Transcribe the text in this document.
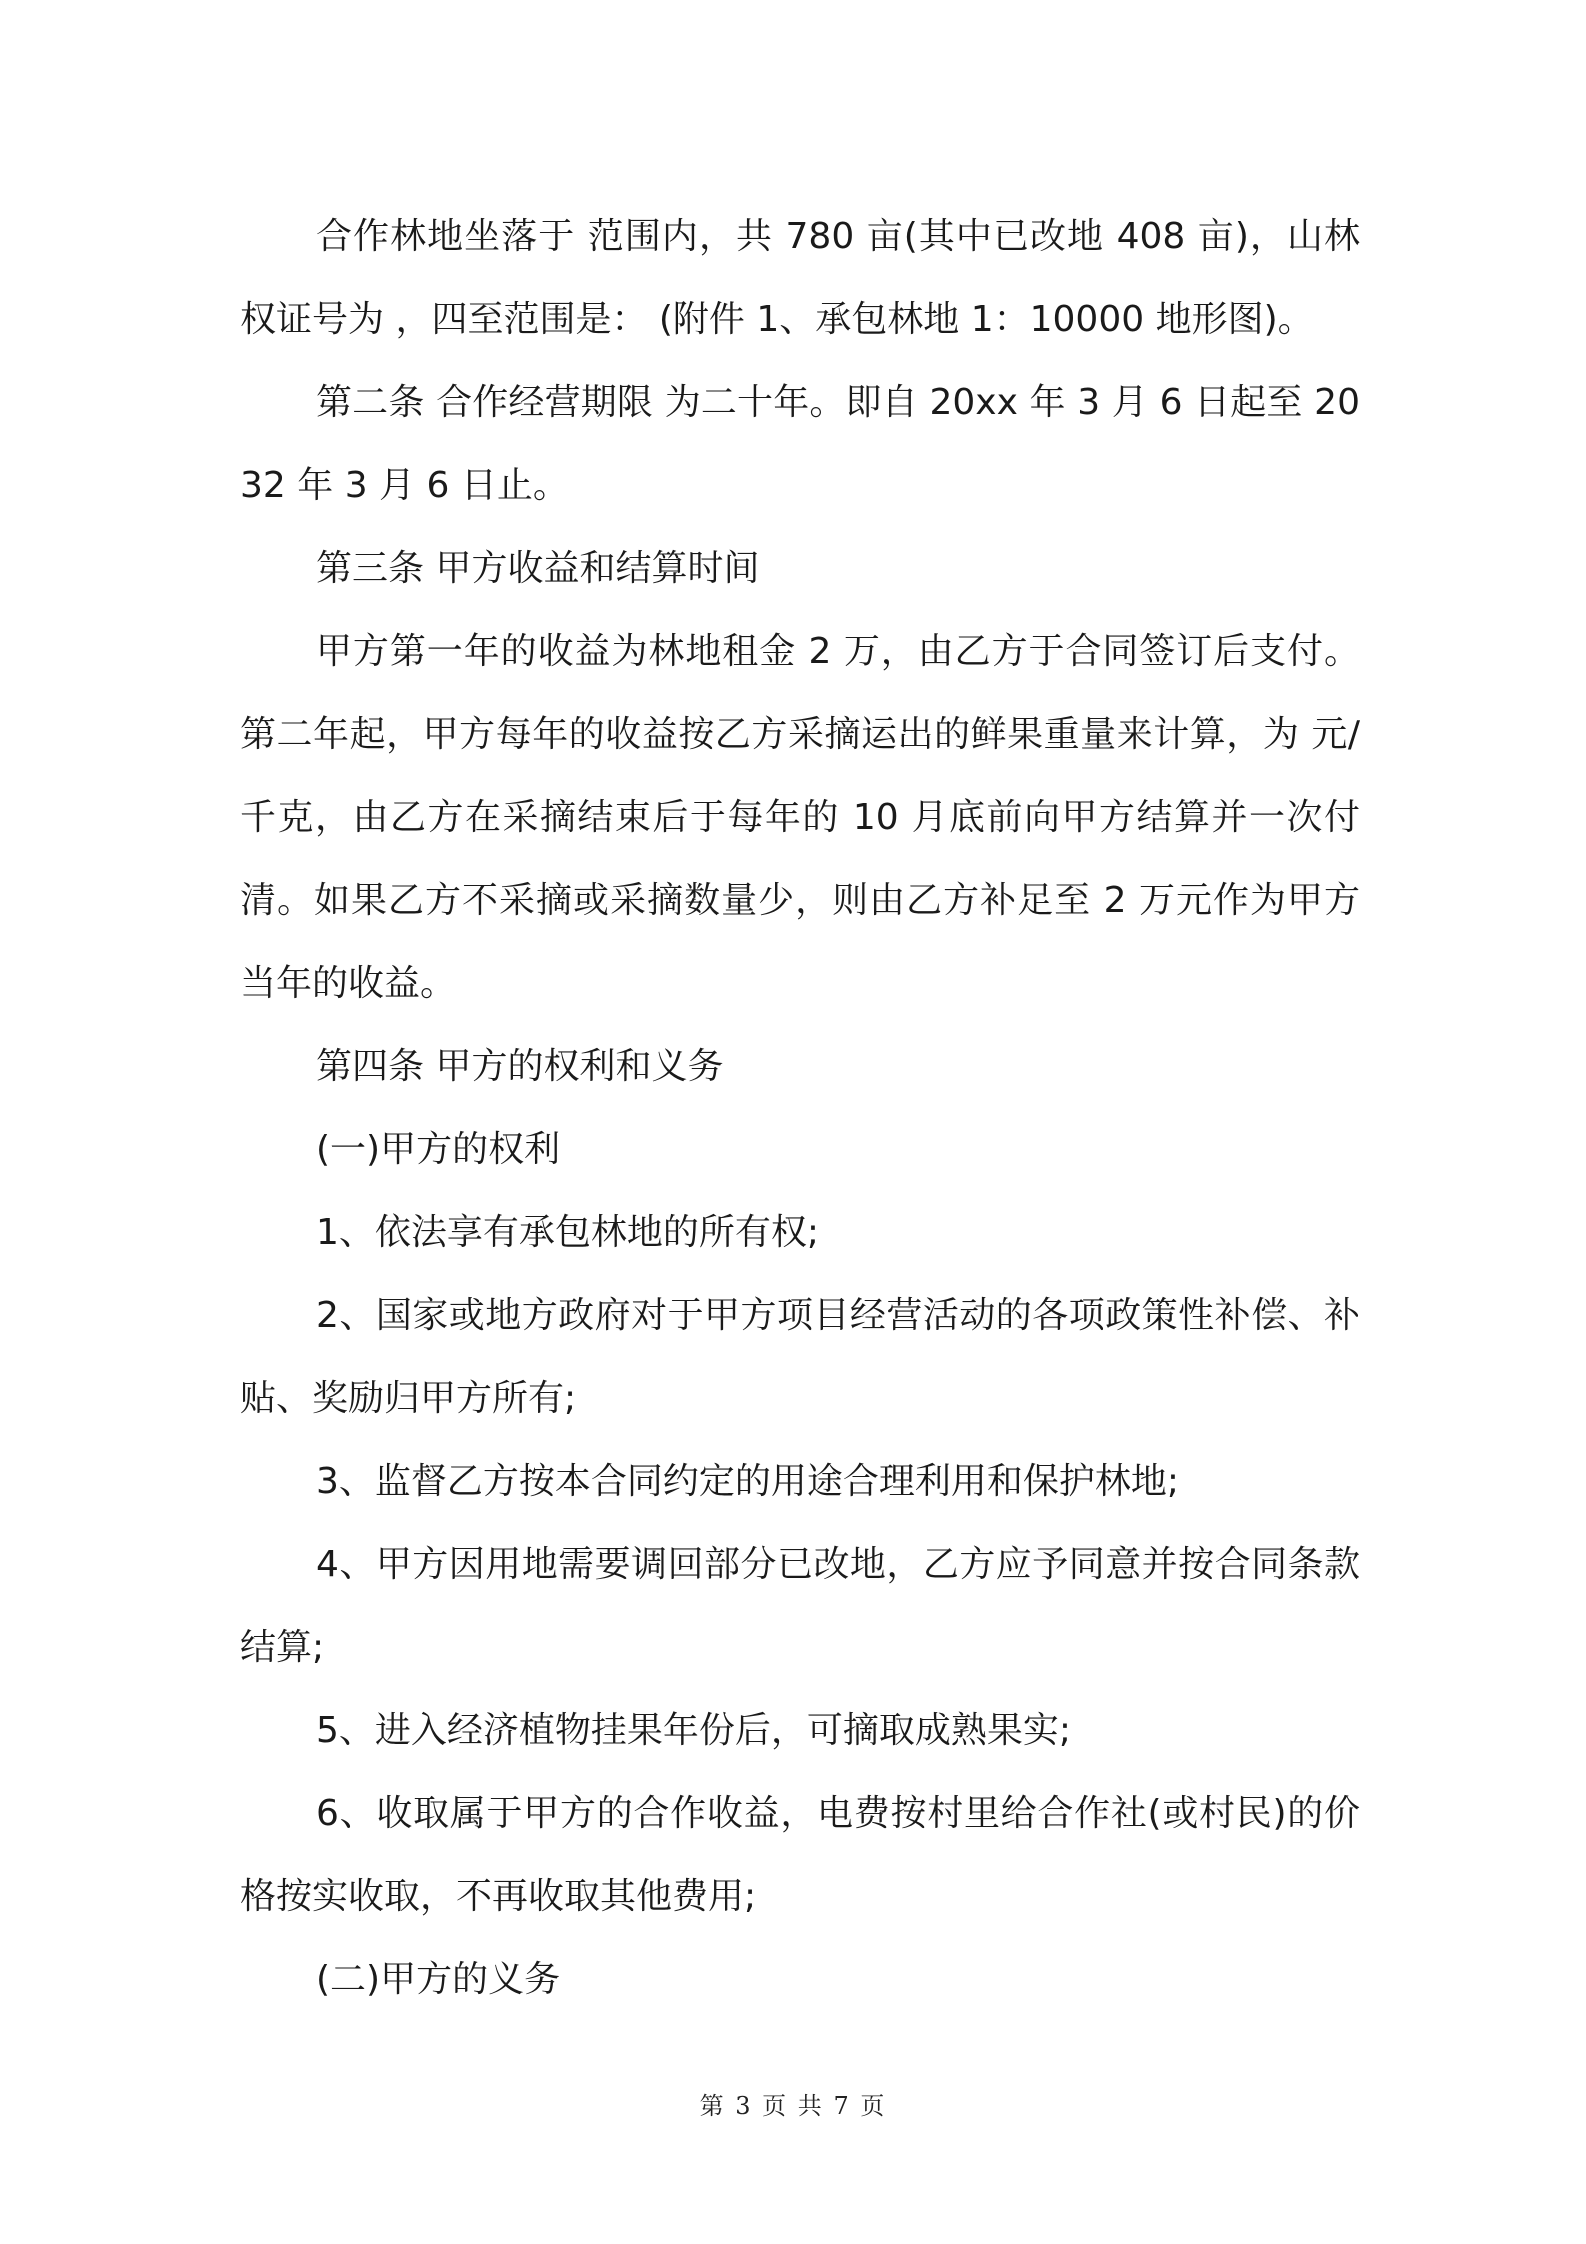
合作林地坐落于 范围内，共 780 亩(其中已改地 408 亩)，山林权证号为 ，四至范围是： (附件 1、承包林地 1：10000 地形图)。

第二条 合作经营期限 为二十年。即自 20xx 年 3 月 6 日起至 2032 年 3 月 6 日止。

第三条 甲方收益和结算时间

甲方第一年的收益为林地租金 2 万，由乙方于合同签订后支付。第二年起，甲方每年的收益按乙方采摘运出的鲜果重量来计算，为 元/千克，由乙方在采摘结束后于每年的 10 月底前向甲方结算并一次付清。如果乙方不采摘或采摘数量少，则由乙方补足至 2 万元作为甲方当年的收益。

第四条 甲方的权利和义务

(一)甲方的权利

1、依法享有承包林地的所有权;

2、国家或地方政府对于甲方项目经营活动的各项政策性补偿、补贴、奖励归甲方所有;

3、监督乙方按本合同约定的用途合理利用和保护林地;

4、甲方因用地需要调回部分已改地，乙方应予同意并按合同条款结算;

5、进入经济植物挂果年份后，可摘取成熟果实;

6、收取属于甲方的合作收益，电费按村里给合作社(或村民)的价格按实收取，不再收取其他费用;

(二)甲方的义务

第 3 页 共 7 页
